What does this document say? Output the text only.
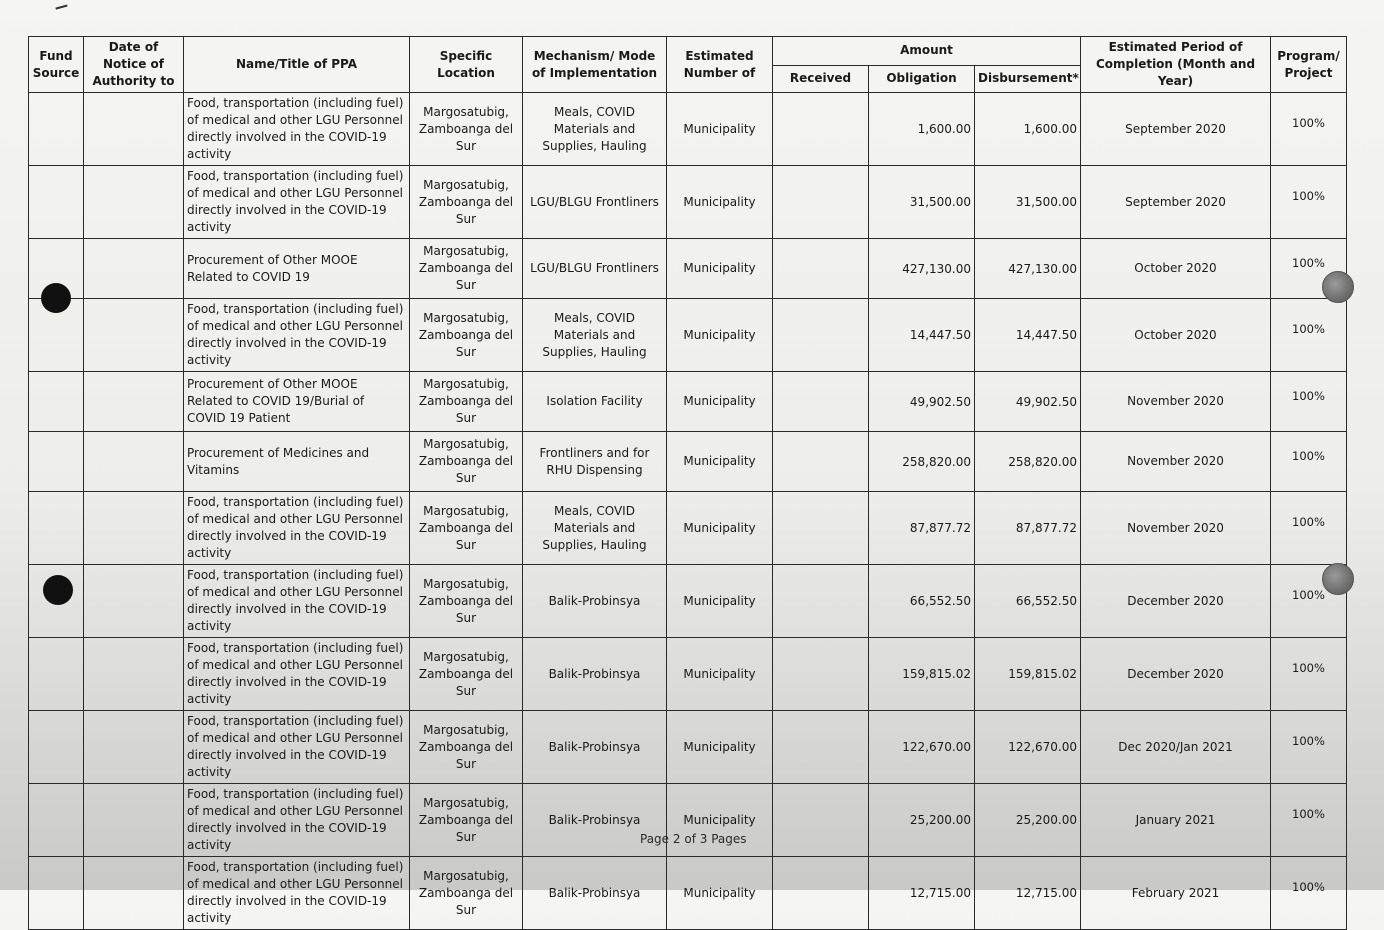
Fund Source	Date of Notice of Authority to	Name/Title of PPA	Specific Location	Mechanism/ Mode of Implementation	Estimated Number of	Amount			Estimated Period of Completion (Month and Year)	Program/ Project
						Received	Obligation	Disbursement*		
		Food, transportation (including fuel) of medical and other LGU Personnel directly involved in the COVID-19 activity	Margosatubig, Zamboanga del Sur	Meals, COVID Materials and Supplies, Hauling	Municipality		1,600.00	1,600.00	September 2020	100%
		Food, transportation (including fuel) of medical and other LGU Personnel directly involved in the COVID-19 activity	Margosatubig, Zamboanga del Sur	LGU/BLGU Frontliners	Municipality		31,500.00	31,500.00	September 2020	100%
		Procurement of Other MOOE Related to COVID 19	Margosatubig, Zamboanga del Sur	LGU/BLGU Frontliners	Municipality		427,130.00	427,130.00	October 2020	100%
		Food, transportation (including fuel) of medical and other LGU Personnel directly involved in the COVID-19 activity	Margosatubig, Zamboanga del Sur	Meals, COVID Materials and Supplies, Hauling	Municipality		14,447.50	14,447.50	October 2020	100%
		Procurement of Other MOOE Related to COVID 19/Burial of COVID 19 Patient	Margosatubig, Zamboanga del Sur	Isolation Facility	Municipality		49,902.50	49,902.50	November 2020	100%
		Procurement of Medicines and Vitamins	Margosatubig, Zamboanga del Sur	Frontliners and for RHU Dispensing	Municipality		258,820.00	258,820.00	November 2020	100%
		Food, transportation (including fuel) of medical and other LGU Personnel directly involved in the COVID-19 activity	Margosatubig, Zamboanga del Sur	Meals, COVID Materials and Supplies, Hauling	Municipality		87,877.72	87,877.72	November 2020	100%
		Food, transportation (including fuel) of medical and other LGU Personnel directly involved in the COVID-19 activity	Margosatubig, Zamboanga del Sur	Balik-Probinsya	Municipality		66,552.50	66,552.50	December 2020	100%
		Food, transportation (including fuel) of medical and other LGU Personnel directly involved in the COVID-19 activity	Margosatubig, Zamboanga del Sur	Balik-Probinsya	Municipality		159,815.02	159,815.02	December 2020	100%
		Food, transportation (including fuel) of medical and other LGU Personnel directly involved in the COVID-19 activity	Margosatubig, Zamboanga del Sur	Balik-Probinsya	Municipality		122,670.00	122,670.00	Dec 2020/Jan 2021	100%
		Food, transportation (including fuel) of medical and other LGU Personnel directly involved in the COVID-19 activity	Margosatubig, Zamboanga del Sur	Balik-Probinsya	Municipality		25,200.00	25,200.00	January 2021	100%
		Food, transportation (including fuel) of medical and other LGU Personnel directly involved in the COVID-19 activity	Margosatubig, Zamboanga del Sur	Balik-Probinsya	Municipality		12,715.00	12,715.00	February 2021	100%
Page 2 of 3 Pages
